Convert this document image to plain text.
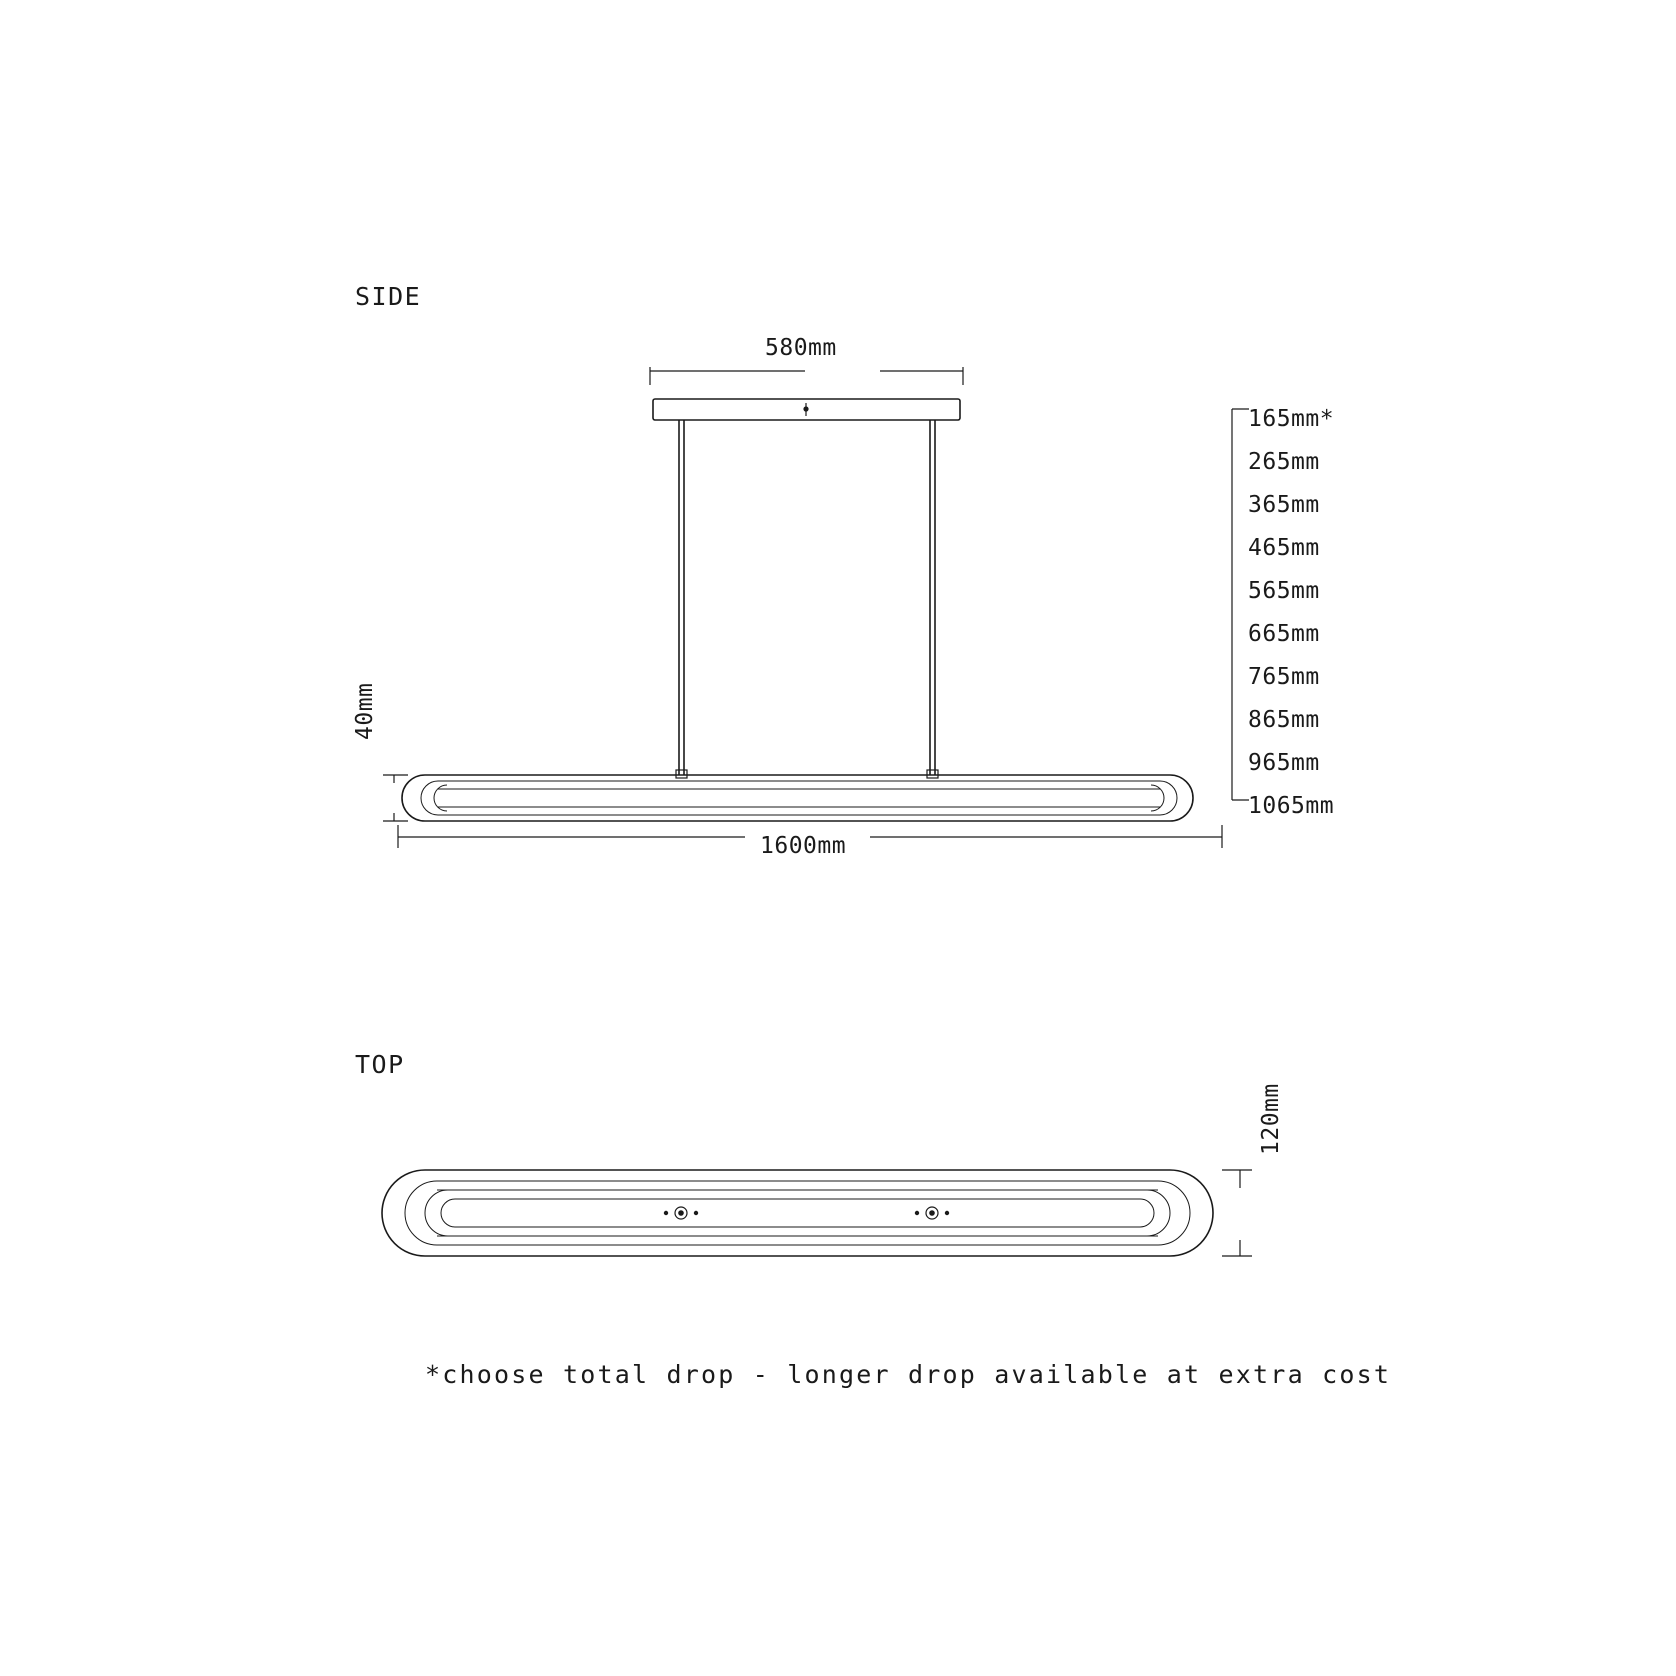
SIDE
TOP
580mm
1600mm
40mm
120mm
165mm*
265mm
365mm
465mm
565mm
665mm
765mm
865mm
965mm
1065mm
*choose total drop - longer drop available at extra cost
